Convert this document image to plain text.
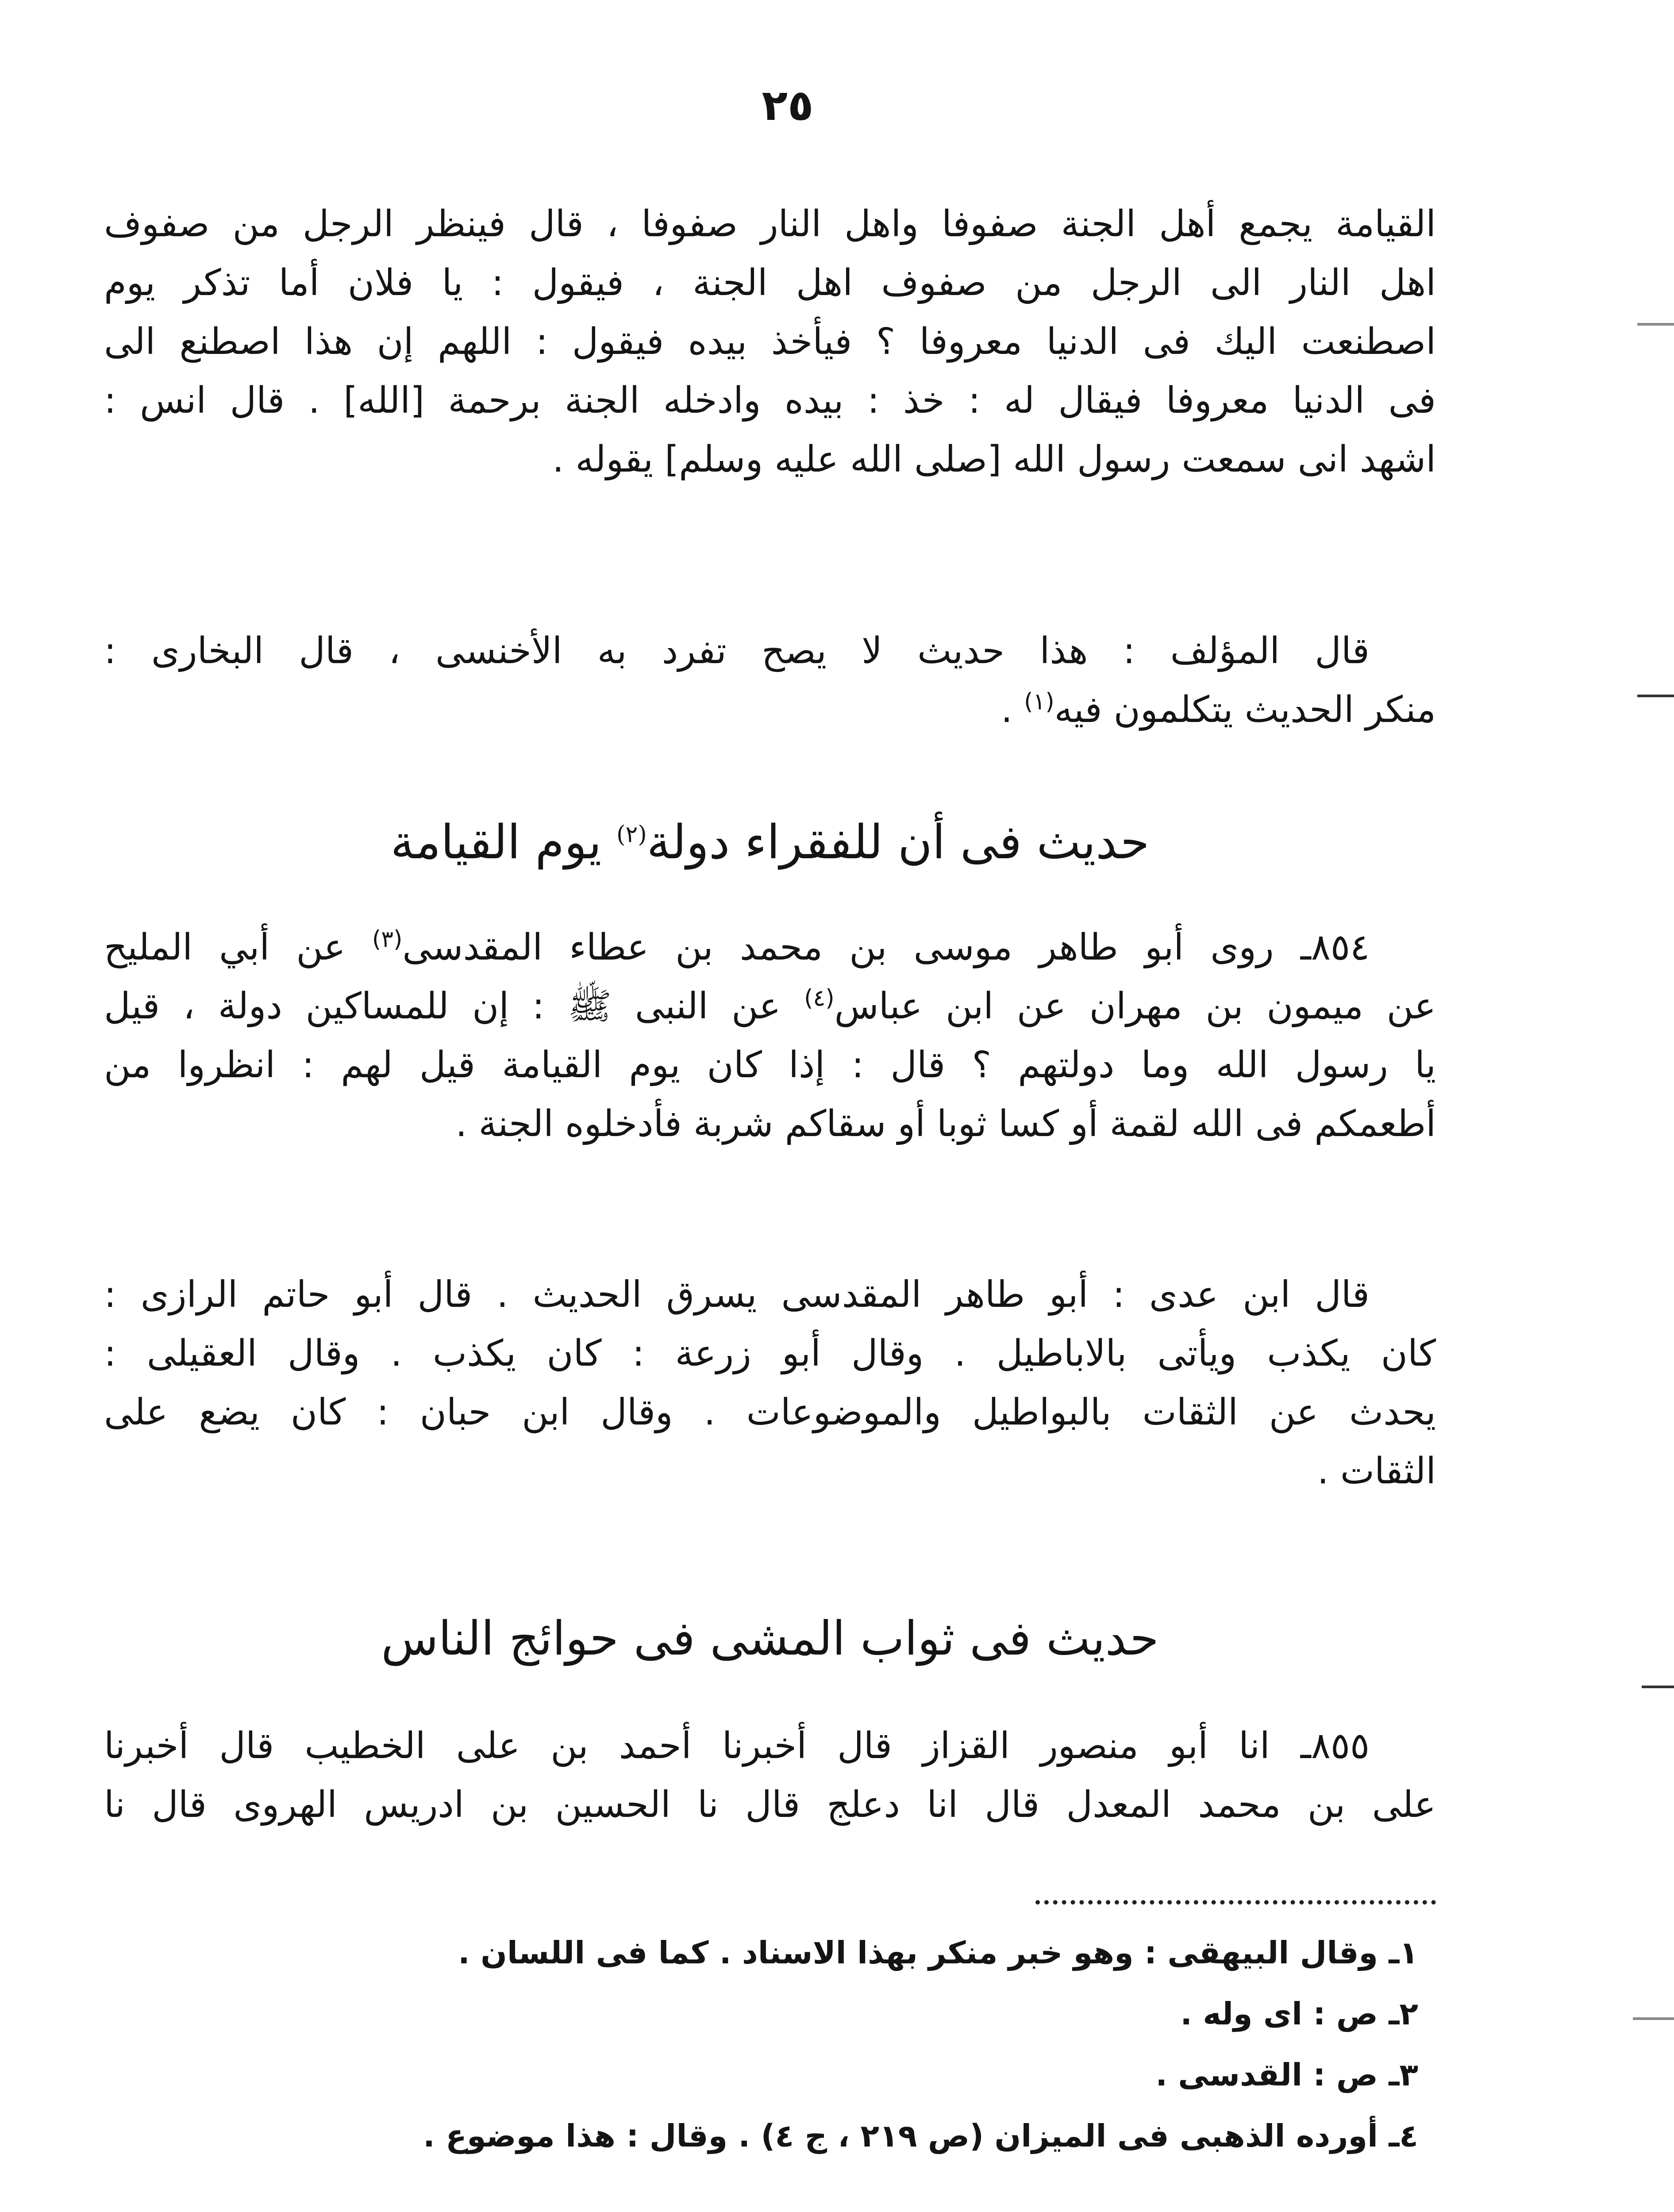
٢٥
القيامة يجمع أهل الجنة صفوفا واهل النار صفوفا ، قال فينظر الرجل من صفوف
اهل النار الى الرجل من صفوف اهل الجنة ، فيقول : يا فلان أما تذكر يوم
اصطنعت اليك فى الدنيا معروفا ؟ فيأخذ بيده فيقول : اللهم إن هذا اصطنع الى
فى الدنيا معروفا فيقال له : خذ : بيده وادخله الجنة برحمة [الله] . قال انس :
اشهد انى سمعت رسول الله [صلى الله عليه وسلم] يقوله .
قال المؤلف : هذا حديث لا يصح تفرد به الأخنسى ، قال البخارى :
منكر الحديث يتكلمون فيه$^{(١)}$ .
حديث فى أن للفقراء دولة$^{(٢)}$ يوم القيامة
٨٥٤ـ روى أبو طاهر موسى بن محمد بن عطاء المقدسى$^{(٣)}$ عن أبي المليح
عن ميمون بن مهران عن ابن عباس$^{(٤)}$ عن النبى ﷺ : إن للمساكين دولة ، قيل
يا رسول الله وما دولتهم ؟ قال : إذا كان يوم القيامة قيل لهم : انظروا من
أطعمكم فى الله لقمة أو كسا ثوبا أو سقاكم شربة فأدخلوه الجنة .
قال ابن عدى : أبو طاهر المقدسى يسرق الحديث . قال أبو حاتم الرازى :
كان يكذب ويأتى بالاباطيل . وقال أبو زرعة : كان يكذب . وقال العقيلى :
يحدث عن الثقات بالبواطيل والموضوعات . وقال ابن حبان : كان يضع على
الثقات .
حديث فى ثواب المشى فى حوائج الناس
٨٥٥ـ انا أبو منصور القزاز قال أخبرنا أحمد بن على الخطيب قال أخبرنا
على بن محمد المعدل قال انا دعلج قال نا الحسين بن ادريس الهروى قال نا
١ـ وقال البيهقى : وهو خبر منكر بهذا الاسناد . كما فى اللسان .
٢ـ ص : اى وله .
٣ـ ص : القدسى .
٤ـ أورده الذهبى فى الميزان (ص ٢١٩ ، ج ٤) . وقال : هذا موضوع .
